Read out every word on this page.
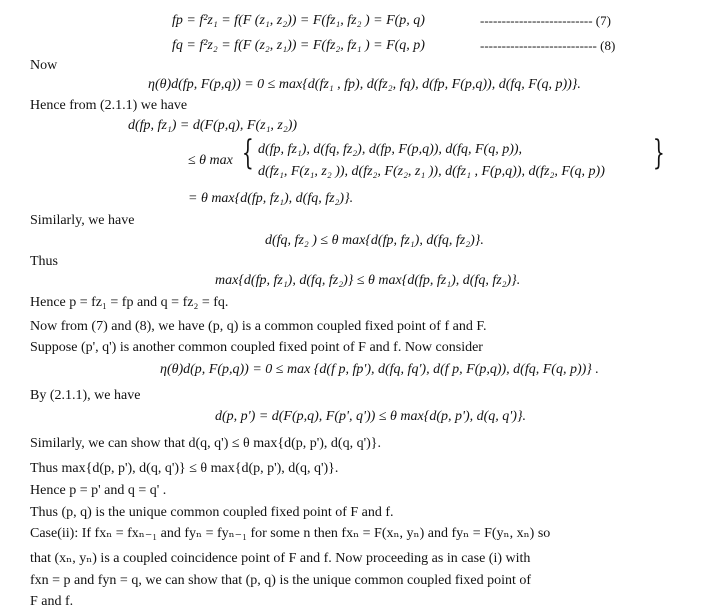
fp = f²z₁ = f(F (z₁, z₂)) = F(fz₁, fz₂ ) = F(p, q)	-------------------------- (7)
fq = f²z₂ = f(F (z₂, z₁)) = F(fz₂, fz₁ ) = F(q, p)	--------------------------- (8)
Now
η(θ)d(fp, F(p,q)) = 0 ≤ max{d(fz₁ , fp), d(fz₂, fq), d(fp, F(p,q)), d(fq, F(q, p))}.
Hence from (2.1.1) we have
d(fp, fz₁) = d(F(p,q), F(z₁, z₂))
≤ θ max { d(fp, fz₁), d(fq, fz₂), d(fp, F(p,q)), d(fq, F(q, p)),
d(fz₁, F(z₁, z₂ )), d(fz₂, F(z₂, z₁ )), d(fz₁ , F(p,q)), d(fz₂, F(q, p)) }
= θ max{d(fp, fz₁), d(fq, fz₂)}.
Similarly, we have
d(fq, fz₂ ) ≤ θ max{d(fp, fz₁), d(fq, fz₂)}.
Thus
max{d(fp, fz₁), d(fq, fz₂)} ≤ θ max{d(fp, fz₁), d(fq, fz₂)}.
Hence p = fz₁ = fp and q = fz₂ = fq.
Now from (7) and (8), we have (p, q) is a common coupled fixed point of f and F.
Suppose (p', q') is another common coupled fixed point of F and f. Now consider
η(θ)d(p, F(p,q)) = 0 ≤ max {d(f p, fp'), d(fq, fq'), d(f p, F(p,q)), d(fq, F(q, p))} .
By (2.1.1), we have
d(p, p') = d(F(p,q), F(p', q')) ≤ θ max{d(p, p'), d(q, q')}.
Similarly, we can show that d(q, q') ≤ θ max{d(p, p'), d(q, q')}.
Thus max{d(p, p'), d(q, q')} ≤ θ max{d(p, p'), d(q, q')}.
Hence p = p' and q = q' .
Thus (p, q) is the unique common coupled fixed point of F and f.
Case(ii): If fxₙ = fxₙ₋₁ and fyₙ = fyₙ₋₁ for some n then fxₙ = F(xₙ, yₙ) and fyₙ = F(yₙ, xₙ) so
that (xₙ, yₙ) is a coupled coincidence point of F and f. Now proceeding as in case (i) with
fxn = p and fyn = q, we can show that (p, q) is the unique common coupled fixed point of
F and f.
